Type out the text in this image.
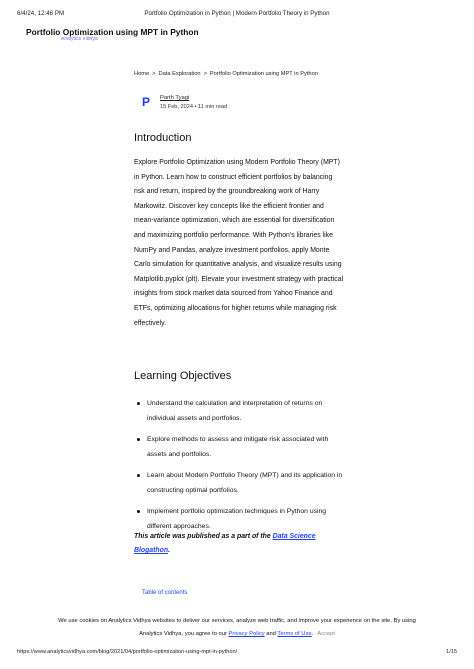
6/4/24, 12:46 PM	Portfolio Optimization in Python | Modern Portfolio Theory in Python
Portfolio Optimization using MPT in Python
Analytics Vidhya
Home > Data Exploration > Portfolio Optimization using MPT in Python
P	Parth Tyagi
15 Feb, 2024 • 11 min read
Introduction

Explore Portfolio Optimization using Modern Portfolio Theory (MPT) in Python. Learn how to construct efficient portfolios by balancing risk and return, inspired by the groundbreaking work of Harry Markowitz. Discover key concepts like the efficient frontier and mean-variance optimization, which are essential for diversification and maximizing portfolio performance. With Python's libraries like NumPy and Pandas, analyze investment portfolios, apply Monte Carlo simulation for quantitative analysis, and visualize results using Matplotlib.pyplot (plt). Elevate your investment strategy with practical insights from stock market data sourced from Yahoo Finance and ETFs, optimizing allocations for higher returns while managing risk effectively.

Learning Objectives
Understand the calculation and interpretation of returns on individual assets and portfolios.
Explore methods to assess and mitigate risk associated with assets and portfolios.
Learn about Modern Portfolio Theory (MPT) and its application in constructing optimal portfolios.
Implement portfolio optimization techniques in Python using different approaches.

This article was published as a part of the Data Science Blogathon.

Table of contents
We use cookies on Analytics Vidhya websites to deliver our services, analyze web traffic, and improve your experience on the site. By using
Analytics Vidhya, you agree to our Privacy Policy and Terms of Use. Accept
https://www.analyticsvidhya.com/blog/2021/04/portfolio-optimization-using-mpt-in-python/	1/15
